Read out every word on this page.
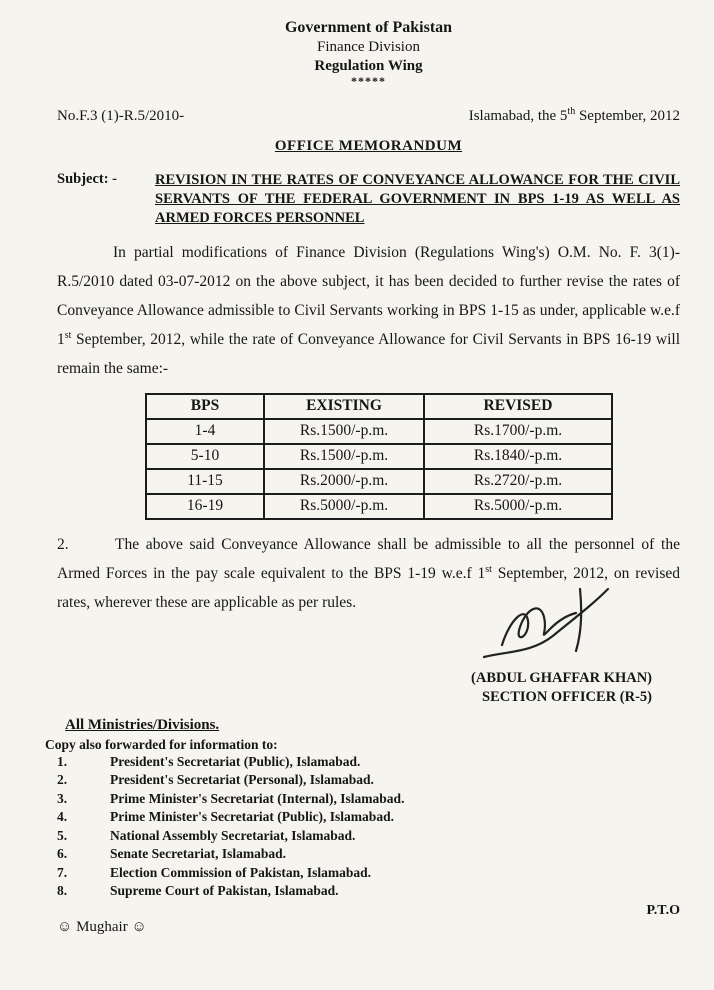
Government of Pakistan
Finance Division
Regulation Wing
*****
No.F.3 (1)-R.5/2010-	Islamabad, the 5th September, 2012
OFFICE MEMORANDUM
Subject: -	REVISION IN THE RATES OF CONVEYANCE ALLOWANCE FOR THE CIVIL SERVANTS OF THE FEDERAL GOVERNMENT IN BPS 1-19 AS WELL AS ARMED FORCES PERSONNEL

In partial modifications of Finance Division (Regulations Wing's) O.M. No. F. 3(1)-R.5/2010 dated 03-07-2012 on the above subject, it has been decided to further revise the rates of Conveyance Allowance admissible to Civil Servants working in BPS 1-15 as under, applicable w.e.f 1st September, 2012, while the rate of Conveyance Allowance for Civil Servants in BPS 16-19 will remain the same:-

BPS	EXISTING	REVISED
1-4	Rs.1500/-p.m.	Rs.1700/-p.m.
5-10	Rs.1500/-p.m.	Rs.1840/-p.m.
11-15	Rs.2000/-p.m.	Rs.2720/-p.m.
16-19	Rs.5000/-p.m.	Rs.5000/-p.m.

2.	The above said Conveyance Allowance shall be admissible to all the personnel of the Armed Forces in the pay scale equivalent to the BPS 1-19 w.e.f 1st September, 2012, on revised rates, wherever these are applicable as per rules.

(ABDUL GHAFFAR KHAN)
SECTION OFFICER (R-5)
All Ministries/Divisions.
Copy also forwarded for information to:
1.	President's Secretariat (Public), Islamabad.
2.	President's Secretariat (Personal), Islamabad.
3.	Prime Minister's Secretariat (Internal), Islamabad.
4.	Prime Minister's Secretariat (Public), Islamabad.
5.	National Assembly Secretariat, Islamabad.
6.	Senate Secretariat, Islamabad.
7.	Election Commission of Pakistan, Islamabad.
8.	Supreme Court of Pakistan, Islamabad.
P.T.O
☺ Mughair ☺
